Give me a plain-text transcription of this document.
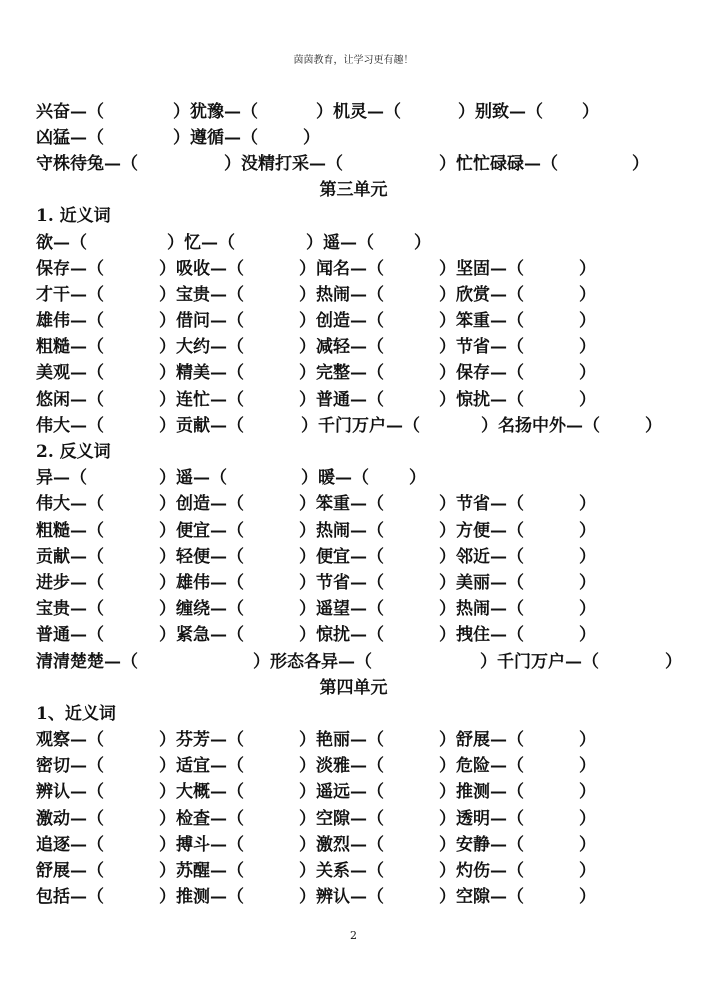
茵茵教育，让学习更有趣！
兴奋 —（	） 犹豫 —（	） 机灵 —（	） 别致 —（ ）
凶猛 —（	） 遵循 —（	）
守株待兔 —（	） 没精打采 —（	） 忙忙碌碌 —（	）
第三单元
1. 近义词
欲 —（	） 忆 —（	） 遥 —（ ）
保存 —（	） 吸收 —（	） 闻名 —（	） 坚固 —（	）
才干 —（	） 宝贵 —（	） 热闹 —（	） 欣赏 —（	）
雄伟 —（	） 借问 —（	） 创造 —（	） 笨重 —（	）
粗糙 —（	） 大约 —（	） 减轻 —（	） 节省 —（	）
美观 —（	） 精美 —（	） 完整 —（	） 保存 —（	）
悠闲 —（	） 连忙 —（	） 普通 —（	） 惊扰 —（	）
伟大 —（	） 贡献 —（	） 千门万户 —（	） 名扬中外 —（	）
2. 反义词
异 —（	） 遥 —（	） 暖 —（ ）
伟大 —（	） 创造 —（	） 笨重 —（	） 节省 —（	）
粗糙 —（	） 便宜 —（	） 热闹 —（	） 方便 —（	）
贡献 —（	） 轻便 —（	） 便宜 —（	） 邻近 —（	）
进步 —（	） 雄伟 —（	） 节省 —（	） 美丽 —（	）
宝贵 —（	） 缠绕 —（	） 遥望 —（	） 热闹 —（	）
普通 —（	） 紧急 —（	） 惊扰 —（	） 拽住 —（	）
清清楚楚 —（	） 形态各异 —（	） 千门万户 —（	）
第四单元
1、近义词
观察 —（	） 芬芳 —（	） 艳丽 —（	） 舒展 —（	）
密切 —（	） 适宜 —（	） 淡雅 —（	） 危险 —（	）
辨认 —（	） 大概 —（	） 遥远 —（	） 推测 —（	）
激动 —（	） 检查 —（	） 空隙 —（	） 透明 —（	）
追逐 —（	） 搏斗 —（	） 激烈 —（	） 安静 —（	）
舒展 —（	） 苏醒 —（	） 关系 —（	） 灼伤 —（	）
包括 —（	） 推测 —（	） 辨认 —（	） 空隙 —（	）
2
